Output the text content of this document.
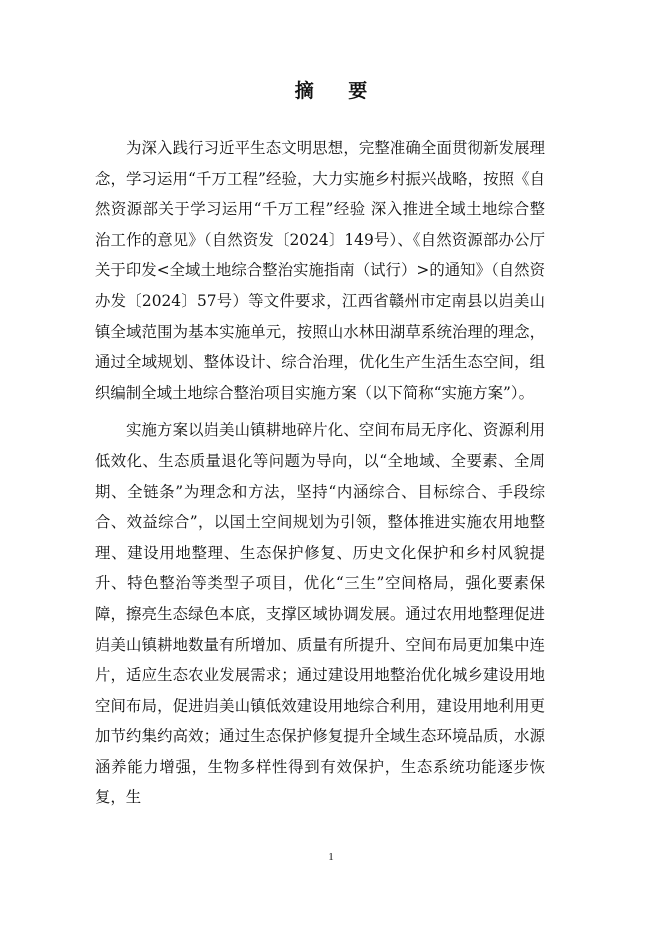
摘 要

为深入践行习近平生态文明思想，完整准确全面贯彻新发展理念，学习运用“千万工程”经验，大力实施乡村振兴战略，按照《自然资源部关于学习运用“千万工程”经验 深入推进全域土地综合整治工作的意见》（自然资发〔2024〕149号）、《自然资源部办公厅关于印发<全域土地综合整治实施指南（试行）>的通知》（自然资办发〔2024〕57号）等文件要求，江西省赣州市定南县以岿美山镇全域范围为基本实施单元，按照山水林田湖草系统治理的理念，通过全域规划、整体设计、综合治理，优化生产生活生态空间，组织编制全域土地综合整治项目实施方案（以下简称“实施方案”）。

实施方案以岿美山镇耕地碎片化、空间布局无序化、资源利用低效化、生态质量退化等问题为导向，以“全地域、全要素、全周期、全链条”为理念和方法，坚持“内涵综合、目标综合、手段综合、效益综合”，以国土空间规划为引领，整体推进实施农用地整理、建设用地整理、生态保护修复、历史文化保护和乡村风貌提升、特色整治等类型子项目，优化“三生”空间格局，强化要素保障，擦亮生态绿色本底，支撑区域协调发展。通过农用地整理促进岿美山镇耕地数量有所增加、质量有所提升、空间布局更加集中连片，适应生态农业发展需求；通过建设用地整治优化城乡建设用地空间布局，促进岿美山镇低效建设用地综合利用，建设用地利用更加节约集约高效；通过生态保护修复提升全域生态环境品质，水源涵养能力增强，生物多样性得到有效保护，生态系统功能逐步恢复，生

1
